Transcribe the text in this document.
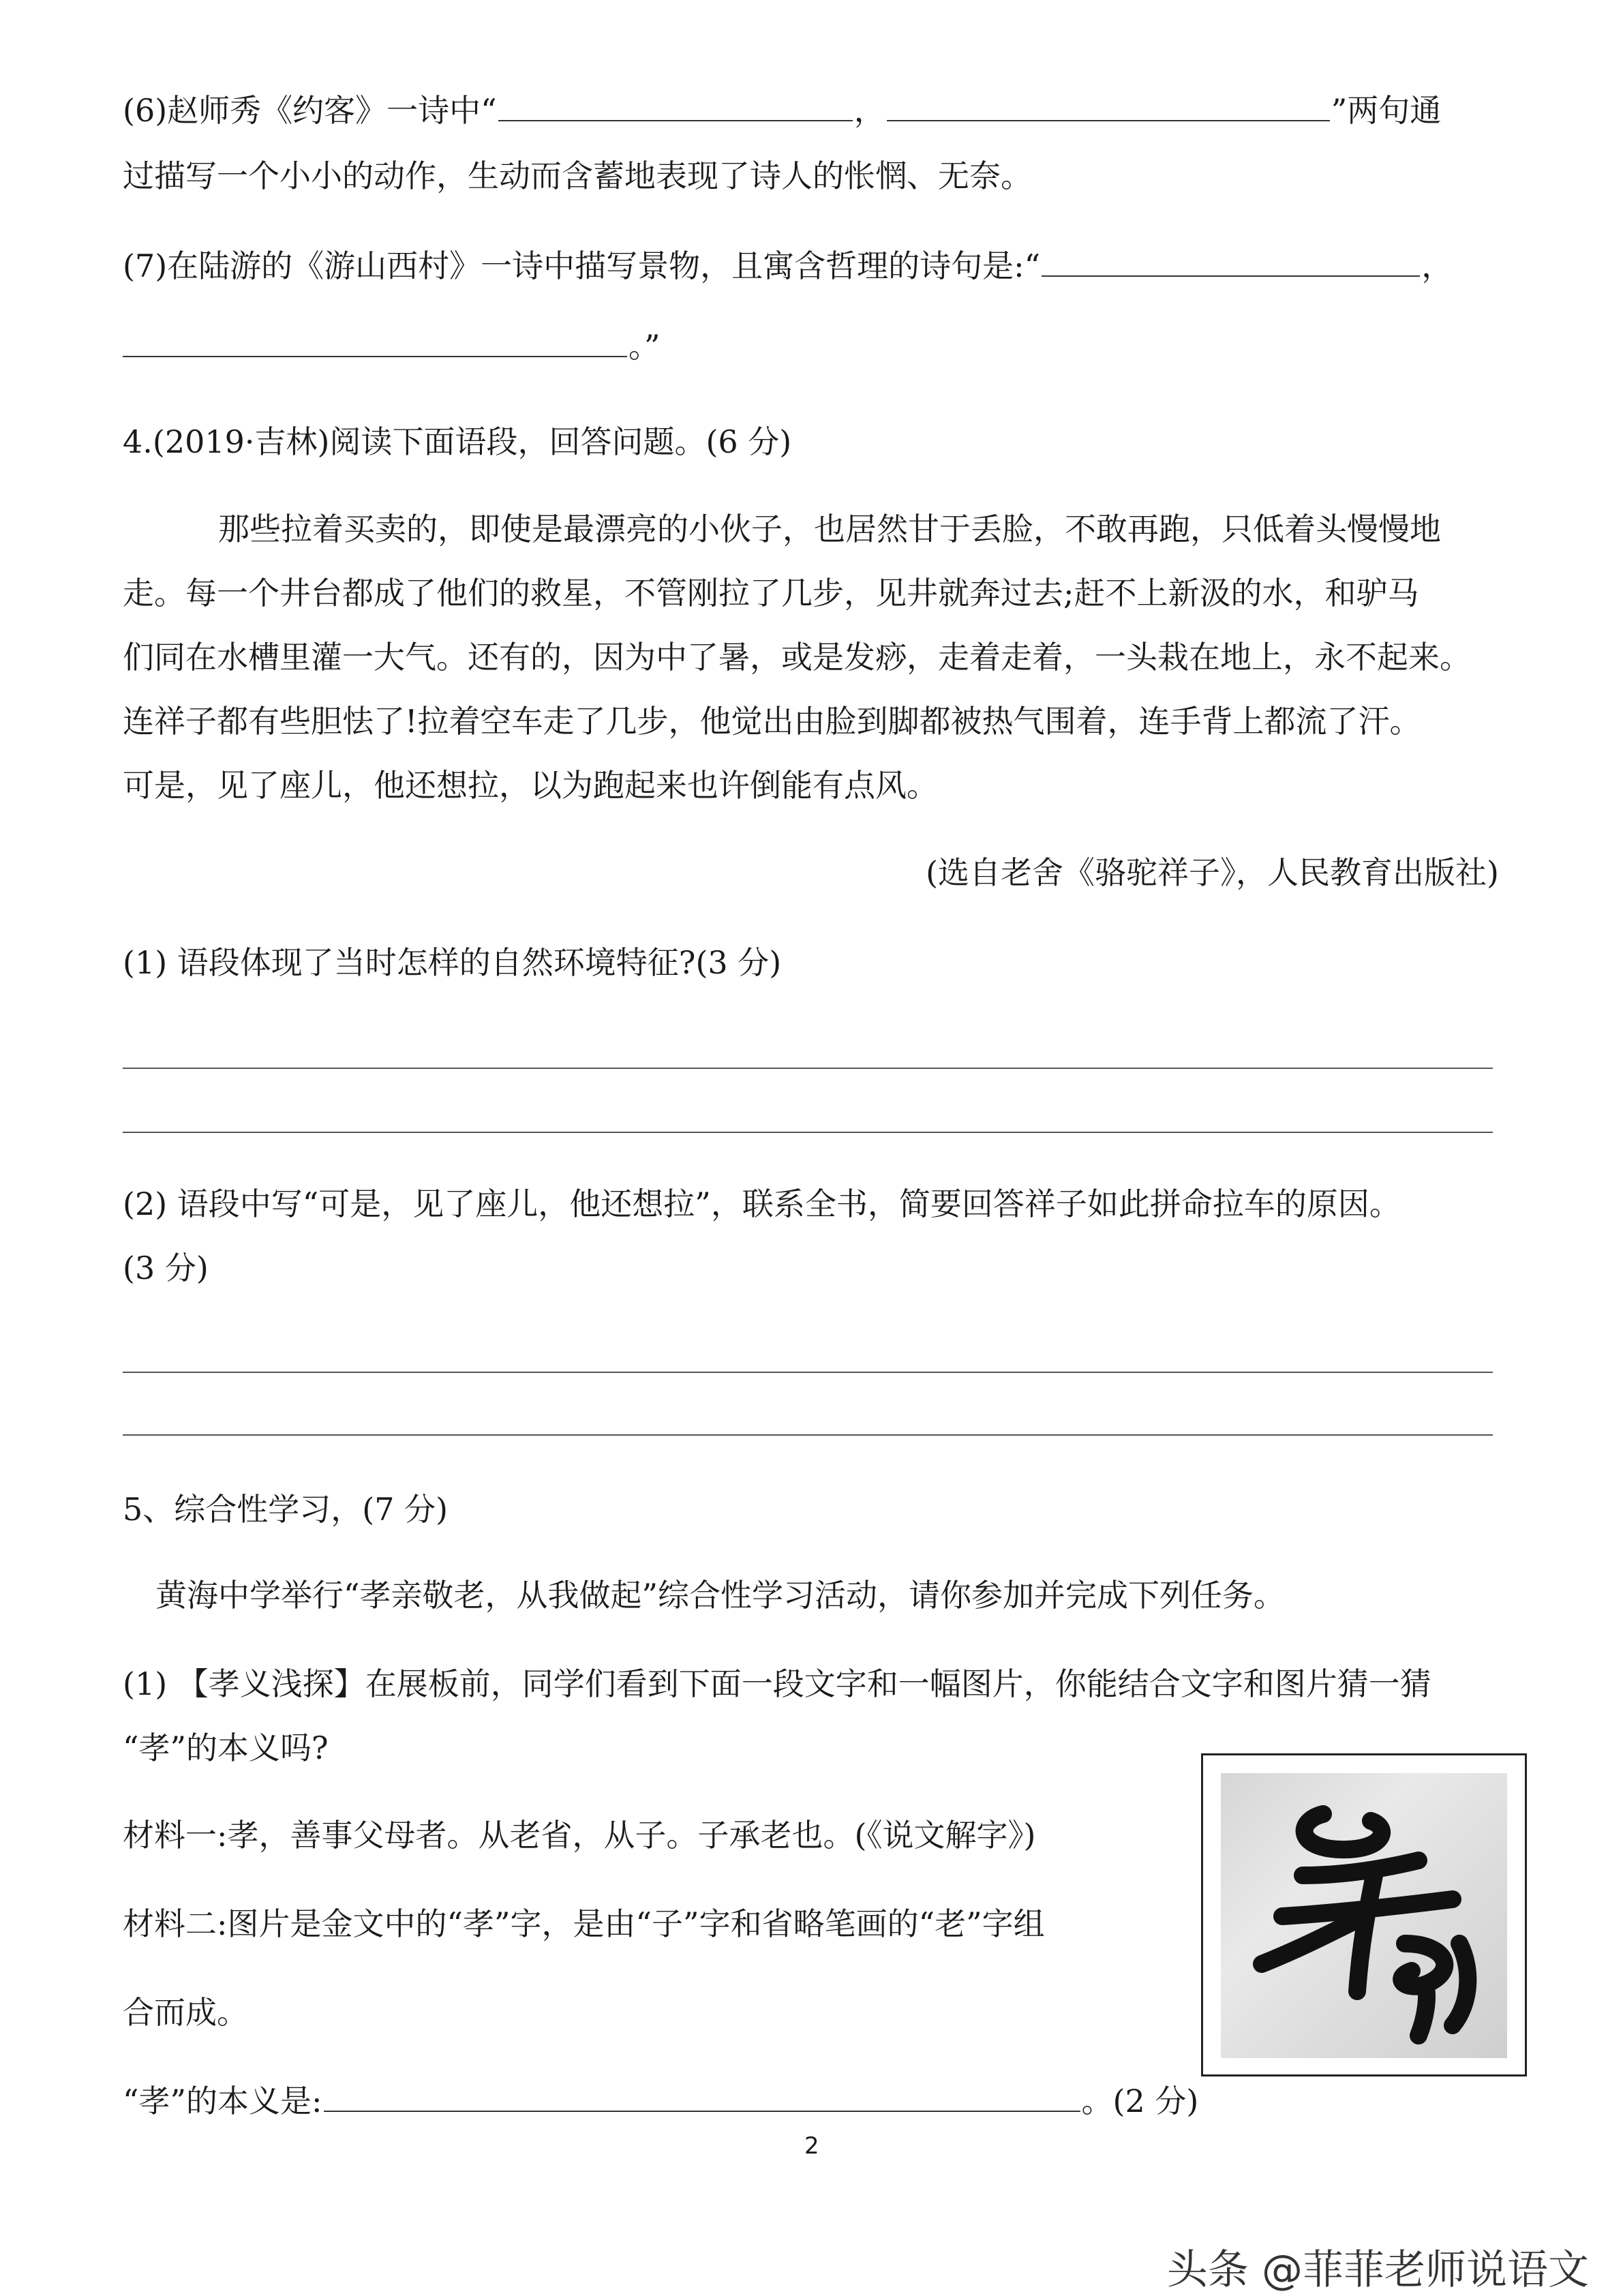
(6)赵师秀《约客》一诗中“	，	”两句通
过描写一个小小的动作，生动而含蓄地表现了诗人的怅惘、无奈。
(7)在陆游的《游山西村》一诗中描写景物，且寓含哲理的诗句是:“	，
。”
4.(2019·吉林)阅读下面语段，回答问题。(6 分)
那些拉着买卖的，即使是最漂亮的小伙子，也居然甘于丢脸，不敢再跑，只低着头慢慢地
走。每一个井台都成了他们的救星，不管刚拉了几步，见井就奔过去;赶不上新汲的水，和驴马
们同在水槽里灌一大气。还有的，因为中了暑，或是发痧，走着走着，一头栽在地上，永不起来。
连祥子都有些胆怯了!拉着空车走了几步，他觉出由脸到脚都被热气围着，连手背上都流了汗。
可是，见了座儿，他还想拉，以为跑起来也许倒能有点风。
(选自老舍《骆驼祥子》，人民教育出版社)
(1) 语段体现了当时怎样的自然环境特征?(3 分)
(2) 语段中写“可是，见了座儿，他还想拉”，联系全书，简要回答祥子如此拼命拉车的原因。
(3 分)
5、综合性学习，(7 分)
黄海中学举行“孝亲敬老，从我做起”综合性学习活动，请你参加并完成下列任务。
(1) 【孝义浅探】在展板前，同学们看到下面一段文字和一幅图片，你能结合文字和图片猜一猜
“孝”的本义吗?
材料一:孝，善事父母者。从老省，从子。子承老也。(《说文解字》)
材料二:图片是金文中的“孝”字，是由“子”字和省略笔画的“老”字组
合而成。
“孝”的本义是:	。(2 分)
2
头条 @菲菲老师说语文
